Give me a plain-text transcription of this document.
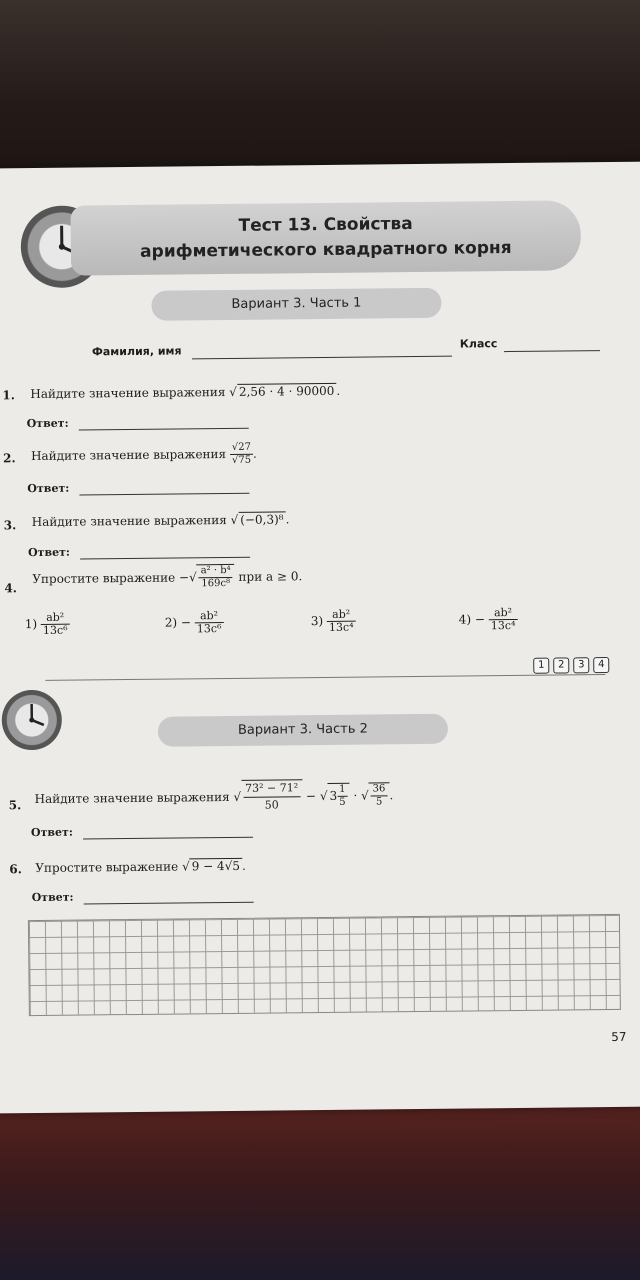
Тест 13. Свойства
арифметического квадратного корня
Вариант 3. Часть 1
Фамилия, имя
Класс
1. Найдите значение выражения √ 2,56 · 4 · 90000 .
Ответ:
2. Найдите значение выражения $\frac{√27}{√75}$ .
Ответ:
3. Найдите значение выражения √ (−0,3)⁸ .
Ответ:
4.
Упростите выражение −√ $\frac{\text{a² · b⁴}}{\text{169c⁸}}$ при a ≥ 0.
$1) \frac{\text{ab²}}{\text{13c⁶}}$	$2) - \frac{\text{ab²}}{\text{13c⁶}}$	$3) \frac{\text{ab²}}{\text{13c⁴}}$	$4) - \frac{\text{ab²}}{\text{13c⁴}}$
1 2 3 4
Вариант 3. Часть 2
5. Найдите значение выражения √ $\frac{\text{73² − 71²}}{50}$ − √ $3 \frac{1}{5}$ · √ $\frac{36}{5}$ .
Ответ:
6. Упростите выражение √ 9 − 4√5 .
Ответ:
57
